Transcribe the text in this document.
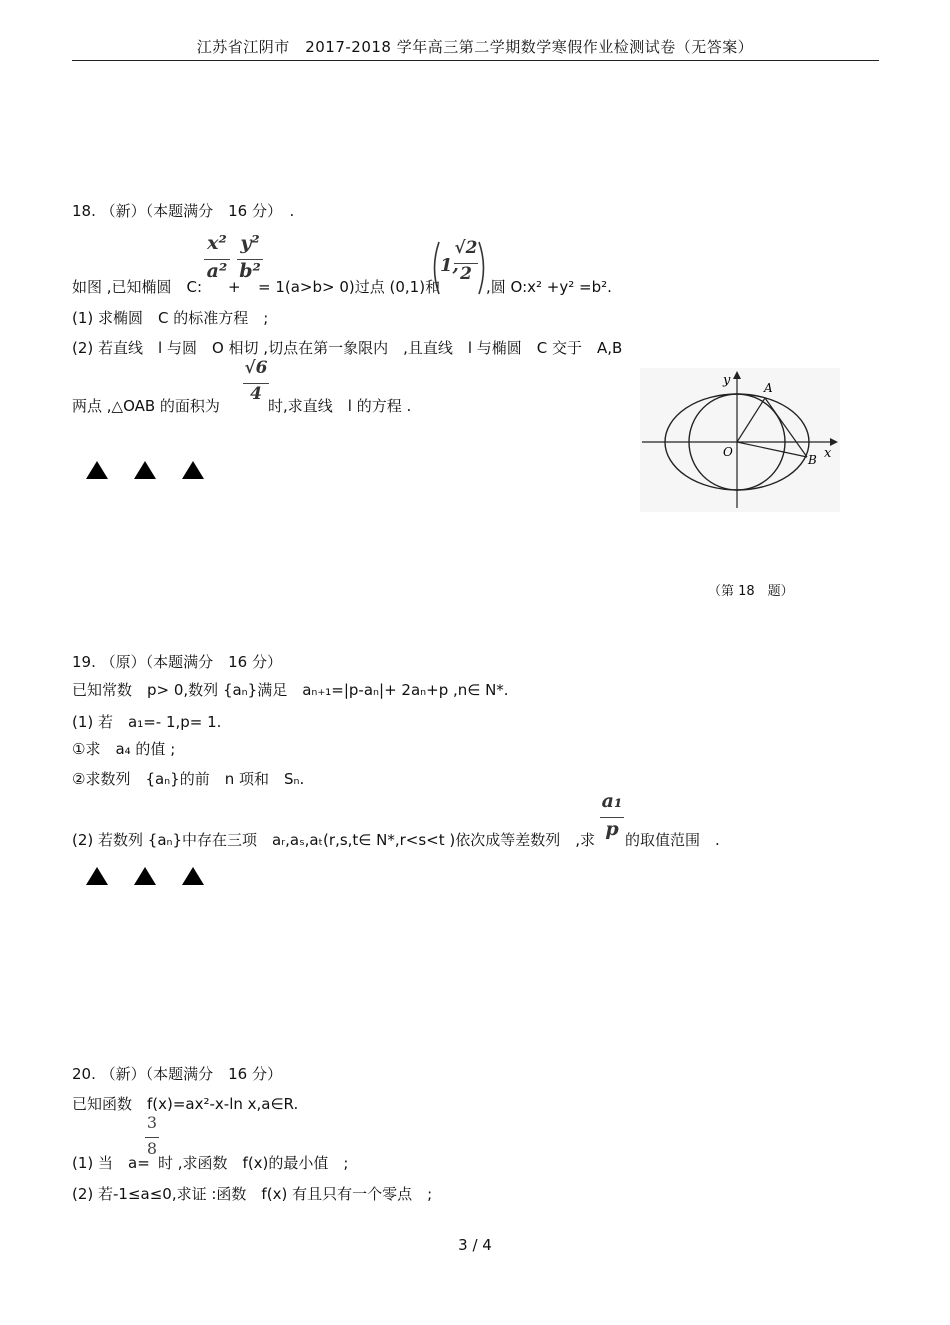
江苏省江阴市　2017-2018 学年高三第二学期数学寒假作业检测试卷（无答案）
18. （新）（本题满分　16 分）　.
如图 ,已知椭圆　C:
x²
a²
+
y²
b²
= 1(a>b> 0)过点 (0,1)和
1,
√2
2
,圆 O:x² +y² =b².
(1) 求椭圆　C 的标准方程　;
(2) 若直线　l 与圆　O 相切 ,切点在第一象限内　,且直线　l 与椭圆　C 交于　A,B
两点 ,△OAB 的面积为
√6
4
时,求直线　l 的方程 .
y
x
O
A
B
（第 18　题）
19. （原）（本题满分　16 分）
已知常数　p> 0,数列 {aₙ}满足　aₙ₊₁=|p-aₙ|+ 2aₙ+p ,n∈ N*.
(1) 若　a₁=- 1,p= 1.
①求　a₄ 的值 ;
②求数列　{aₙ}的前　n 项和　Sₙ.
(2) 若数列 {aₙ}中存在三项　aᵣ,aₛ,aₜ(r,s,t∈ N*,r<s<t )依次成等差数列　,求
a₁
p 的取值范围　.
20. （新）（本题满分　16 分）
已知函数　f(x)=ax²-x-ln x,a∈R.
(1) 当　a=
3
8
时 ,求函数　f(x)的最小值　;
(2) 若-1≤a≤0,求证 :函数　f(x) 有且只有一个零点　;
3 / 4
